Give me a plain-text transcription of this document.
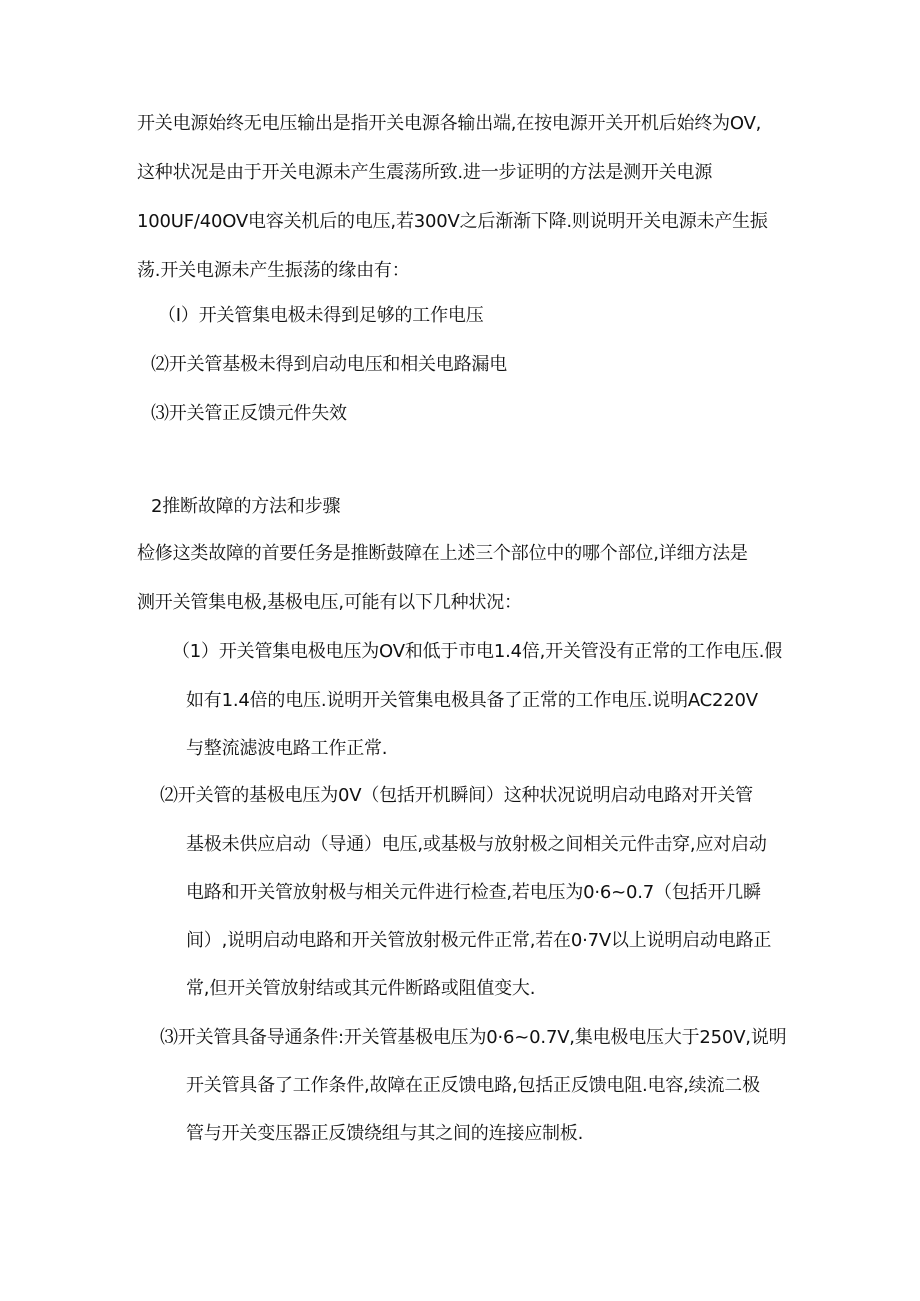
开关电源始终无电压输出是指开关电源各输出端,在按电源开关开机后始终为OV,
这种状况是由于开关电源未产生震荡所致.进一步证明的方法是测开关电源
100UF/40OV电容关机后的电压,若300V之后渐渐下降.则说明开关电源未产生振
荡.开关电源未产生振荡的缘由有：
（I）开关管集电极未得到足够的工作电压
⑵开关管基极未得到启动电压和相关电路漏电
⑶开关管正反馈元件失效
2推断故障的方法和步骤
检修这类故障的首要任务是推断鼓障在上述三个部位中的哪个部位,详细方法是
测开关管集电极,基极电压,可能有以下几种状况：
（1）开关管集电极电压为OV和低于市电1.4倍,开关管没有正常的工作电压.假
如有1.4倍的电压.说明开关管集电极具备了正常的工作电压.说明AC220V
与整流滤波电路工作正常.
⑵开关管的基极电压为0V（包括开机瞬间）这种状况说明启动电路对开关管
基极未供应启动（导通）电压,或基极与放射极之间相关元件击穿,应对启动
电路和开关管放射极与相关元件进行检查,若电压为0·6~0.7（包括开几瞬
间）,说明启动电路和开关管放射极元件正常,若在0·7V以上说明启动电路正
常,但开关管放射结或其元件断路或阻值变大.
⑶开关管具备导通条件:开关管基极电压为0·6~0.7V,集电极电压大于250V,说明
开关管具备了工作条件,故障在正反馈电路,包括正反馈电阻.电容,续流二极
管与开关变压器正反馈绕组与其之间的连接应制板.
